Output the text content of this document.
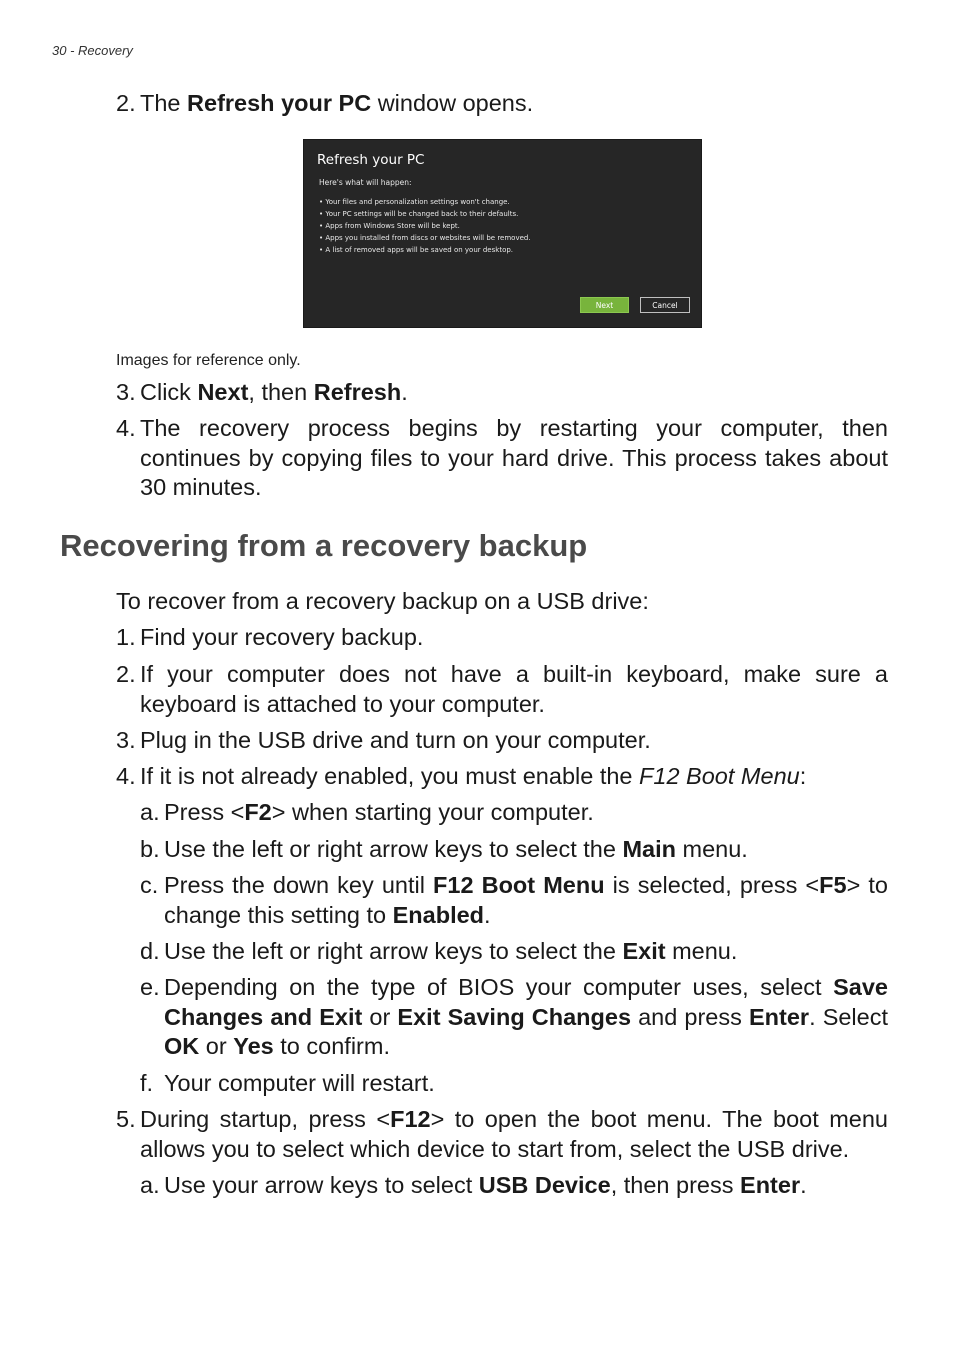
30 - Recovery
2. The Refresh your PC window opens.
Refresh your PC
Here's what will happen:
• Your files and personalization settings won't change.
• Your PC settings will be changed back to their defaults.
• Apps from Windows Store will be kept.
• Apps you installed from discs or websites will be removed.
• A list of removed apps will be saved on your desktop.
Next	Cancel
Images for reference only.
3. Click Next, then Refresh.
4. The recovery process begins by restarting your computer, then continues by copying files to your hard drive. This process takes about 30 minutes.
Recovering from a recovery backup
To recover from a recovery backup on a USB drive:
1. Find your recovery backup.
2. If your computer does not have a built-in keyboard, make sure a keyboard is attached to your computer.
3. Plug in the USB drive and turn on your computer.
4. If it is not already enabled, you must enable the F12 Boot Menu:
a. Press <F2> when starting your computer.
b. Use the left or right arrow keys to select the Main menu.
c. Press the down key until F12 Boot Menu is selected, press <F5> to change this setting to Enabled.
d. Use the left or right arrow keys to select the Exit menu.
e. Depending on the type of BIOS your computer uses, select Save Changes and Exit or Exit Saving Changes and press Enter. Select OK or Yes to confirm.
f. Your computer will restart.
5. During startup, press <F12> to open the boot menu. The boot menu allows you to select which device to start from, select the USB drive.
a. Use your arrow keys to select USB Device, then press Enter.
